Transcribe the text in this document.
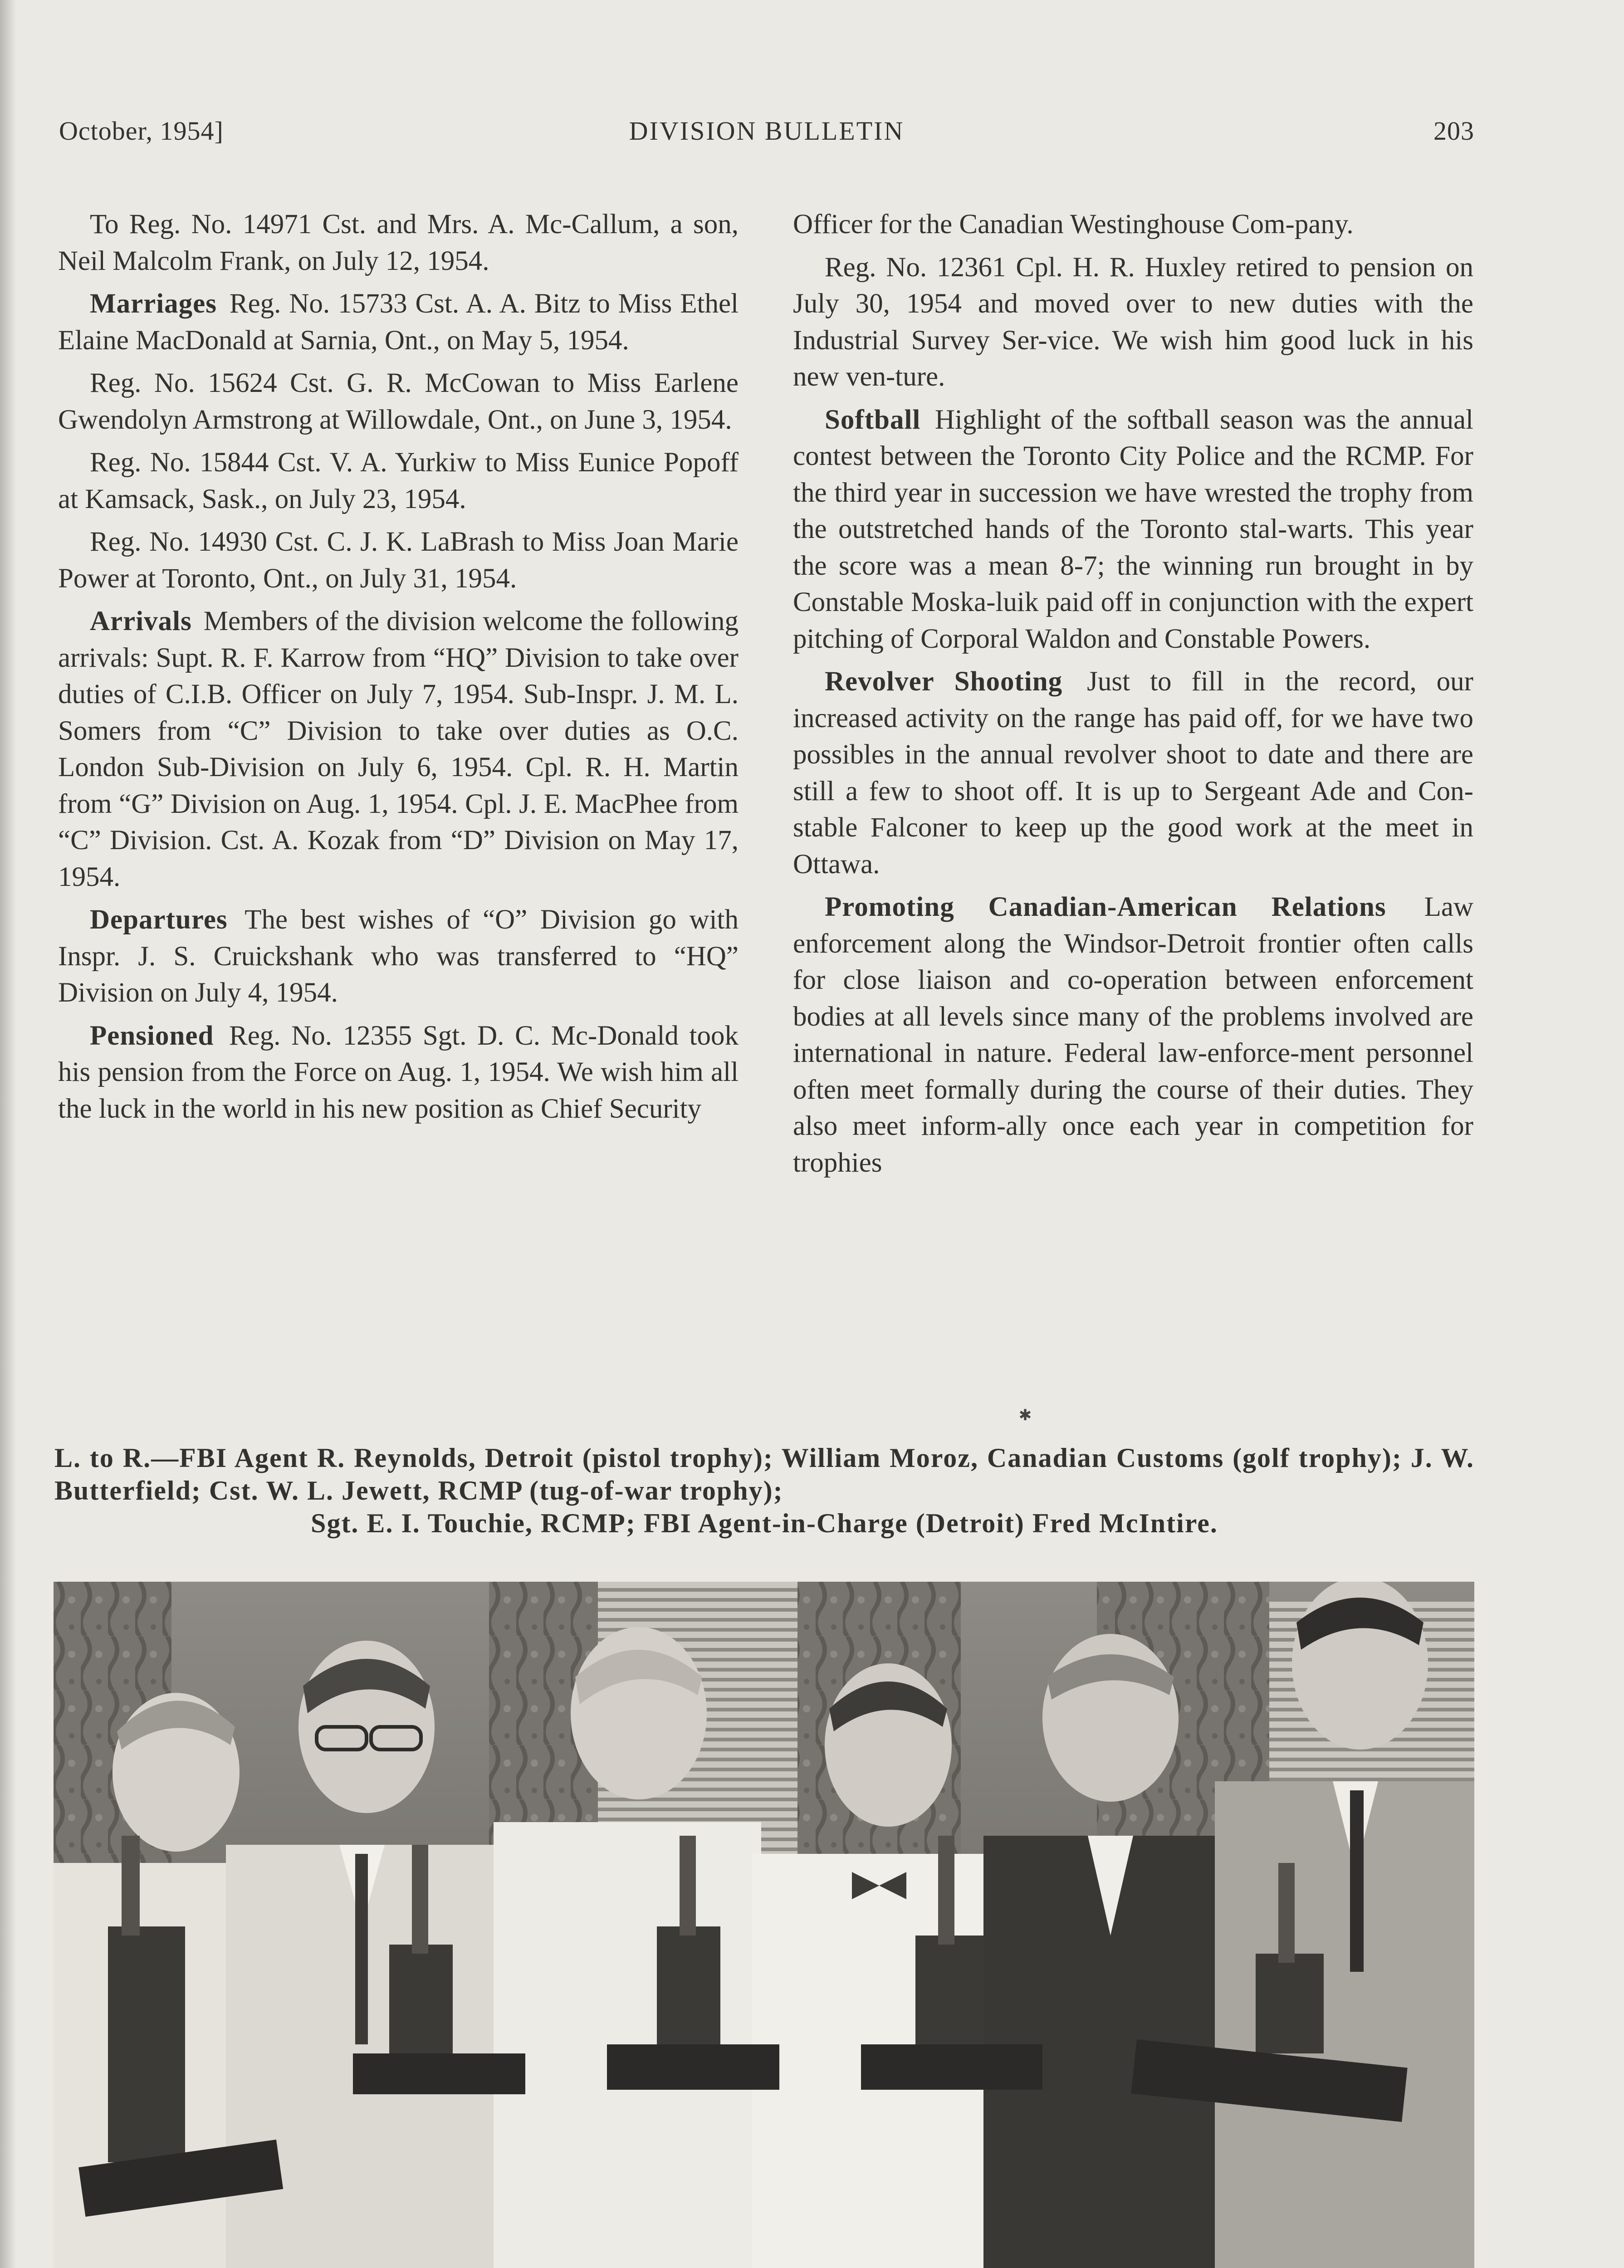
October, 1954]	DIVISION BULLETIN	203

To Reg. No. 14971 Cst. and Mrs. A. Mc-Callum, a son, Neil Malcolm Frank, on July 12, 1954.

Marriages Reg. No. 15733 Cst. A. A. Bitz to Miss Ethel Elaine MacDonald at Sarnia, Ont., on May 5, 1954.

Reg. No. 15624 Cst. G. R. McCowan to Miss Earlene Gwendolyn Armstrong at Willowdale, Ont., on June 3, 1954.

Reg. No. 15844 Cst. V. A. Yurkiw to Miss Eunice Popoff at Kamsack, Sask., on July 23, 1954.

Reg. No. 14930 Cst. C. J. K. LaBrash to Miss Joan Marie Power at Toronto, Ont., on July 31, 1954.

Arrivals Members of the division welcome the following arrivals: Supt. R. F. Karrow from “HQ” Division to take over duties of C.I.B. Officer on July 7, 1954. Sub-Inspr. J. M. L. Somers from “C” Division to take over duties as O.C. London Sub-Division on July 6, 1954. Cpl. R. H. Martin from “G” Division on Aug. 1, 1954. Cpl. J. E. MacPhee from “C” Division. Cst. A. Kozak from “D” Division on May 17, 1954.

Departures The best wishes of “O” Division go with Inspr. J. S. Cruickshank who was transferred to “HQ” Division on July 4, 1954.

Pensioned Reg. No. 12355 Sgt. D. C. Mc-Donald took his pension from the Force on Aug. 1, 1954. We wish him all the luck in the world in his new position as Chief Security

Officer for the Canadian Westinghouse Com-pany.

Reg. No. 12361 Cpl. H. R. Huxley retired to pension on July 30, 1954 and moved over to new duties with the Industrial Survey Ser-vice. We wish him good luck in his new ven-ture.

Softball Highlight of the softball season was the annual contest between the Toronto City Police and the RCMP. For the third year in succession we have wrested the trophy from the outstretched hands of the Toronto stal-warts. This year the score was a mean 8-7; the winning run brought in by Constable Moska-luik paid off in conjunction with the expert pitching of Corporal Waldon and Constable Powers.

Revolver Shooting Just to fill in the record, our increased activity on the range has paid off, for we have two possibles in the annual revolver shoot to date and there are still a few to shoot off. It is up to Sergeant Ade and Con-stable Falconer to keep up the good work at the meet in Ottawa.

Promoting Canadian-American Relations Law enforcement along the Windsor-Detroit frontier often calls for close liaison and co-operation between enforcement bodies at all levels since many of the problems involved are international in nature. Federal law-enforce-ment personnel often meet formally during the course of their duties. They also meet inform-ally once each year in competition for trophies

✱
L. to R.—FBI Agent R. Reynolds, Detroit (pistol trophy); William Moroz, Canadian Customs (golf trophy); J. W. Butterfield; Cst. W. L. Jewett, RCMP (tug-of-war trophy);
Sgt. E. I. Touchie, RCMP; FBI Agent-in-Charge (Detroit) Fred McIntire.
